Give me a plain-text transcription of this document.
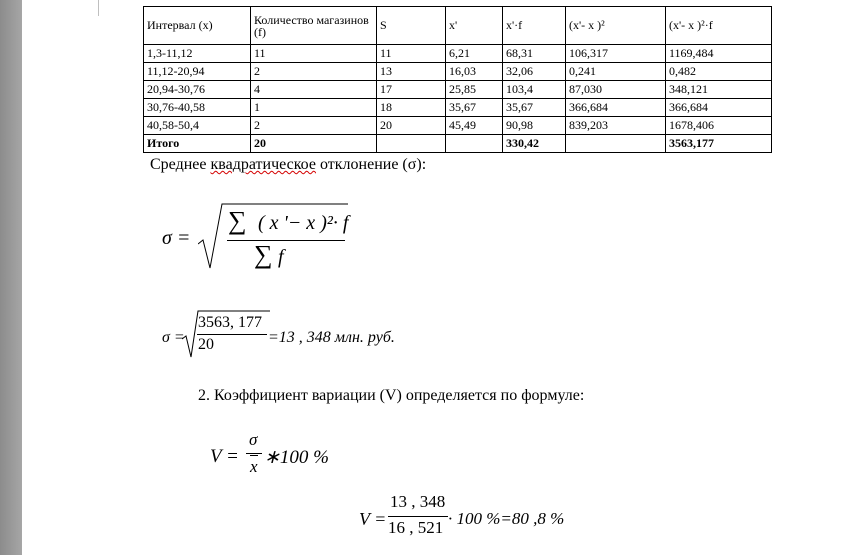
Интервал (x)	Количество магазинов (f)	S	x'	x'·f	(x'- x )²	(x'- x )²·f
1,3-11,12	11	11	6,21	68,31	106,317	1169,484
11,12-20,94	2	13	16,03	32,06	0,241	0,482
20,94-30,76	4	17	25,85	103,4	87,030	348,121
30,76-40,58	1	18	35,67	35,67	366,684	366,684
40,58-50,4	2	20	45,49	90,98	839,203	1678,406
Итого	20			330,42		3563,177
Среднее квадратическое отклонение (σ):
σ =
∑ ( x '− x )²· f
∑ f
σ =
3563, 177
20	=13 , 348 млн. руб.
2. Коэффициент вариации (V) определяется по формуле:
V =
σ
x ∗100 %
V =
13 , 348
16 , 521 · 100 %=80 ,8 %
